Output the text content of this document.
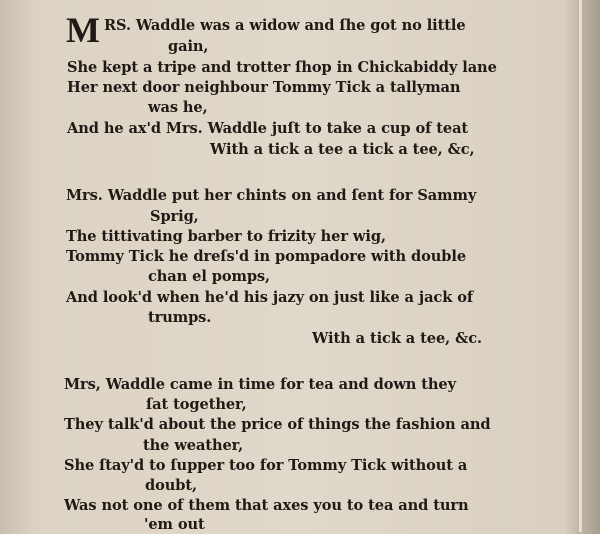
M RS. Waddle was a widow and ſhe got no little
gain,
She kept a tripe and trotter ſhop in Chickabiddy lane
Her next door neighbour Tommy Tick a tallyman
was he,
And he ax'd Mrs. Waddle juſt to take a cup of teat
With a tick a tee a tick a tee, &c,
Mrs. Waddle put her chints on and ſent for Sammy
Sprig,
The tittivating barber to frizity her wig,
Tommy Tick he dreſs'd in pompadore with double
chan el pomps,
And look'd when he'd his jazy on just like a jack of
trumps.
With a tick a tee, &c.
Mrs, Waddle came in time for tea and down they
ſat together,
They talk'd about the price of things the fashion and
the weather,
She ſtay'd to ſupper too for Tommy Tick without a
doubt,
Was not one of them that axes you to tea and turn
'em out
